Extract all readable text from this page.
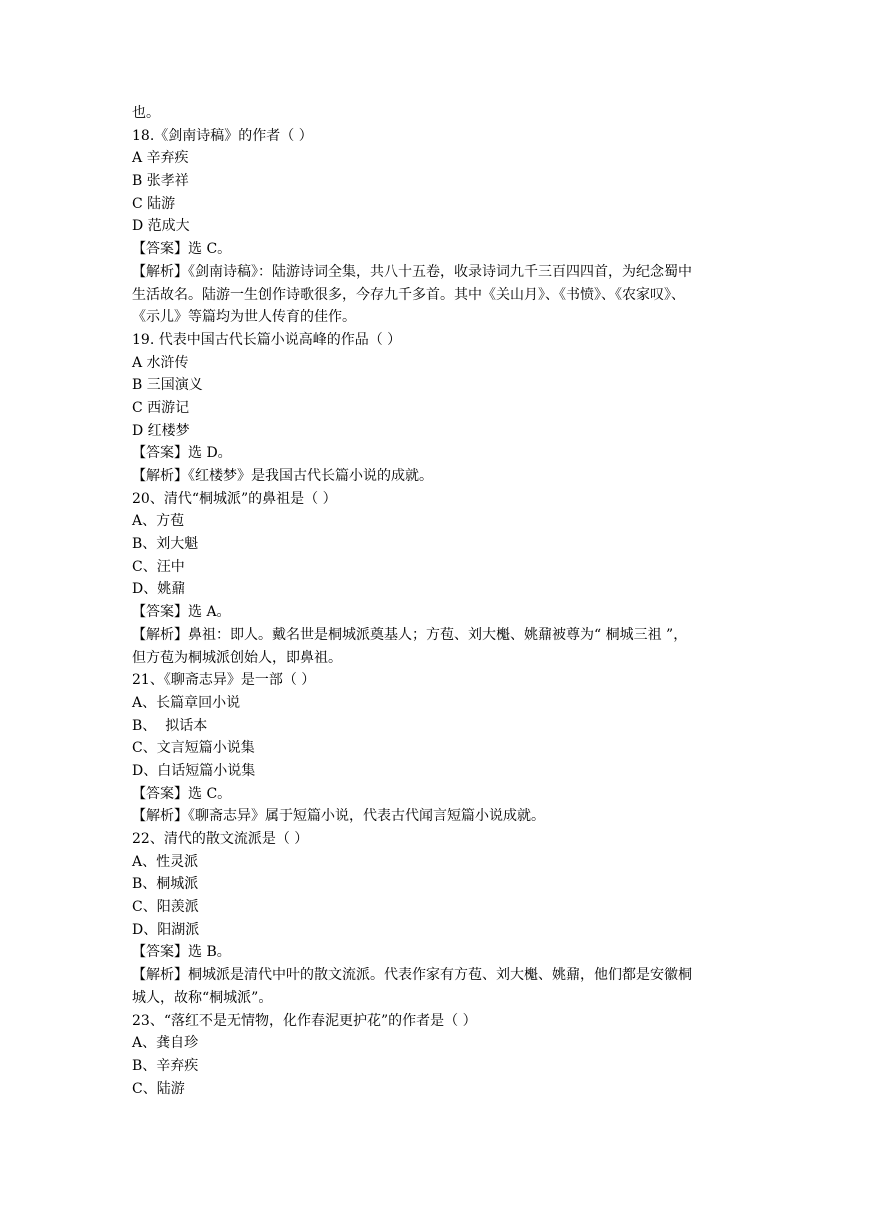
也。
18.《剑南诗稿》的作者（ ）
A 辛弃疾
B 张孝祥
C 陆游
D 范成大
【答案】选 C。
【解析】《剑南诗稿》：陆游诗词全集，共八十五卷，收录诗词九千三百四四首，为纪念蜀中
生活故名。陆游一生创作诗歌很多，今存九千多首。其中《关山月》、《书愤》、《农家叹》、
《示儿》等篇均为世人传育的佳作。
19. 代表中国古代长篇小说高峰的作品（ ）
A 水浒传
B 三国演义
C 西游记
D 红楼梦
【答案】选 D。
【解析】《红楼梦》是我国古代长篇小说的成就。
20、清代“桐城派”的鼻祖是（ ）
A、方苞
B、刘大魁
C、汪中
D、姚鼐
【答案】选 A。
【解析】鼻祖：即人。戴名世是桐城派奠基人；方苞、刘大櫆、姚鼐被尊为“ 桐城三祖 ”，
但方苞为桐城派创始人，即鼻祖。
21、《聊斋志异》是一部（ ）
A、长篇章回小说
B、  拟话本
C、文言短篇小说集
D、白话短篇小说集
【答案】选 C。
【解析】《聊斋志异》属于短篇小说，代表古代闻言短篇小说成就。
22、清代的散文流派是（ ）
A、性灵派
B、桐城派
C、阳羡派
D、阳湖派
【答案】选 B。
【解析】桐城派是清代中叶的散文流派。代表作家有方苞、刘大櫆、姚鼐，他们都是安徽桐
城人，故称“桐城派”。
23、“落红不是无情物，化作春泥更护花”的作者是（ ）
A、龚自珍
B、辛弃疾
C、陆游
